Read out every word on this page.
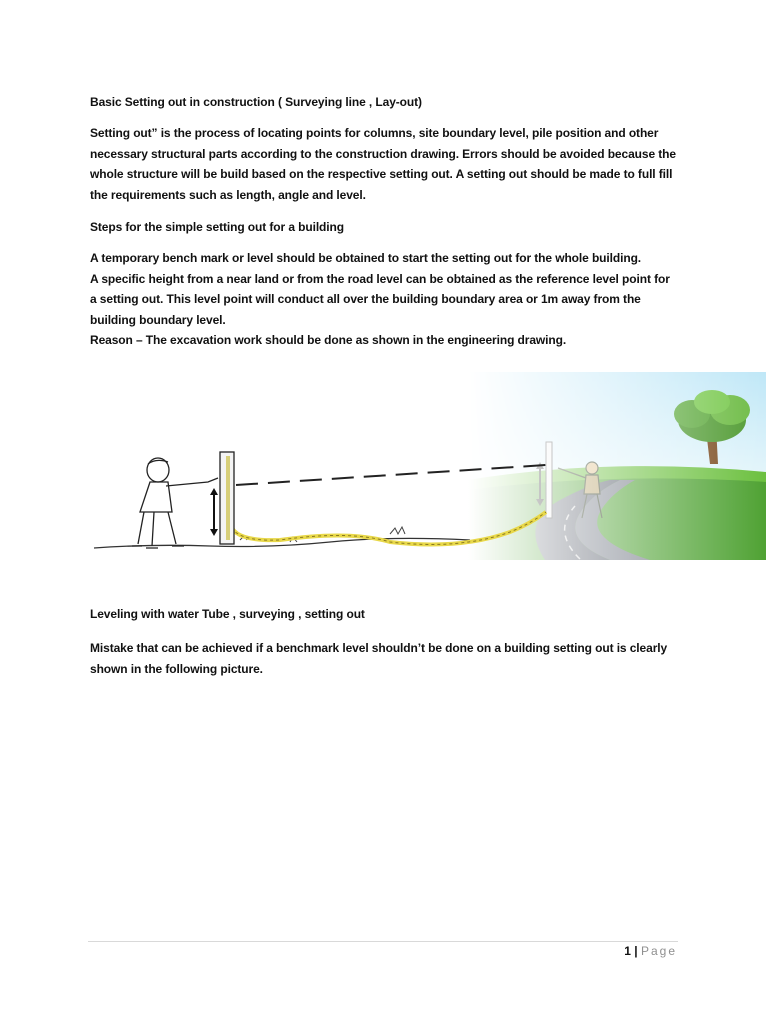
Basic Setting out in construction ( Surveying line , Lay-out)
Setting out” is the process of locating points for columns, site boundary level, pile position and other
necessary structural parts according to the construction drawing. Errors should be avoided because the
whole structure will be build based on the respective setting out. A setting out should be made to full fill
the requirements such as length, angle and level.
Steps for the simple setting out for a building
A temporary bench mark or level should be obtained to start the setting out for the whole building.
A specific height from a near land or from the road level can be obtained as the reference level point for
a setting out. This level point will conduct all over the building boundary area or 1m away from the
building boundary level.
Reason – The excavation work should be done as shown in the engineering drawing.
Leveling with water Tube , surveying , setting out
Mistake that can be achieved if a benchmark level shouldn’t be done on a building setting out is clearly
shown in the following picture.
1 | Page
